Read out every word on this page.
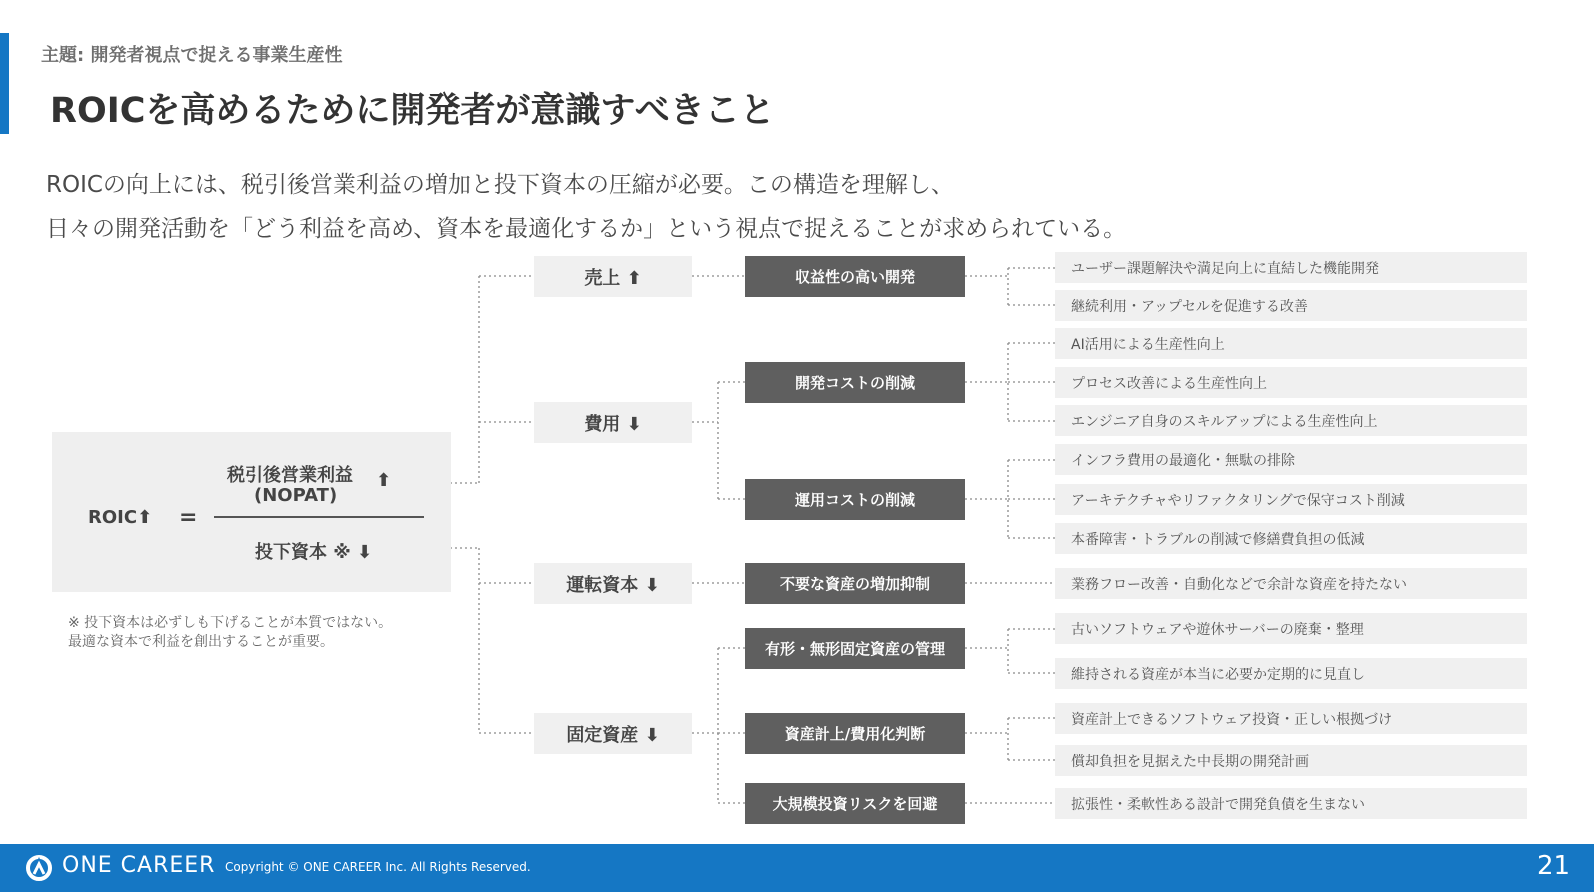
主題: 開発者視点で捉える事業生産性
ROICを高めるために開発者が意識すべきこと
ROICの向上には、税引後営業利益の増加と投下資本の圧縮が必要。この構造を理解し、
日々の開発活動を「どう利益を高め、資本を最適化するか」という視点で捉えることが求められている。
ROIC⬆ =
税引後営業利益
(NOPAT)
⬆
投下資本 ※ ⬇
※ 投下資本は必ずしも下げることが本質ではない。
最適な資本で利益を創出することが重要。
売上 ⬆
費用 ⬇
運転資本 ⬇
固定資産 ⬇
収益性の高い開発
開発コストの削減
運用コストの削減
不要な資産の増加抑制
有形・無形固定資産の管理
資産計上/費用化判断
大規模投資リスクを回避
ユーザー課題解決や満足向上に直結した機能開発
継続利用・アップセルを促進する改善
AI活用による生産性向上
プロセス改善による生産性向上
エンジニア自身のスキルアップによる生産性向上
インフラ費用の最適化・無駄の排除
アーキテクチャやリファクタリングで保守コスト削減
本番障害・トラブルの削減で修繕費負担の低減
業務フロー改善・自動化などで余計な資産を持たない
古いソフトウェアや遊休サーバーの廃棄・整理
維持される資産が本当に必要か定期的に見直し
資産計上できるソフトウェア投資・正しい根拠づけ
償却負担を見据えた中長期の開発計画
拡張性・柔軟性ある設計で開発負債を生まない
ONE CAREER Copyright © ONE CAREER Inc. All Rights Reserved.	21
